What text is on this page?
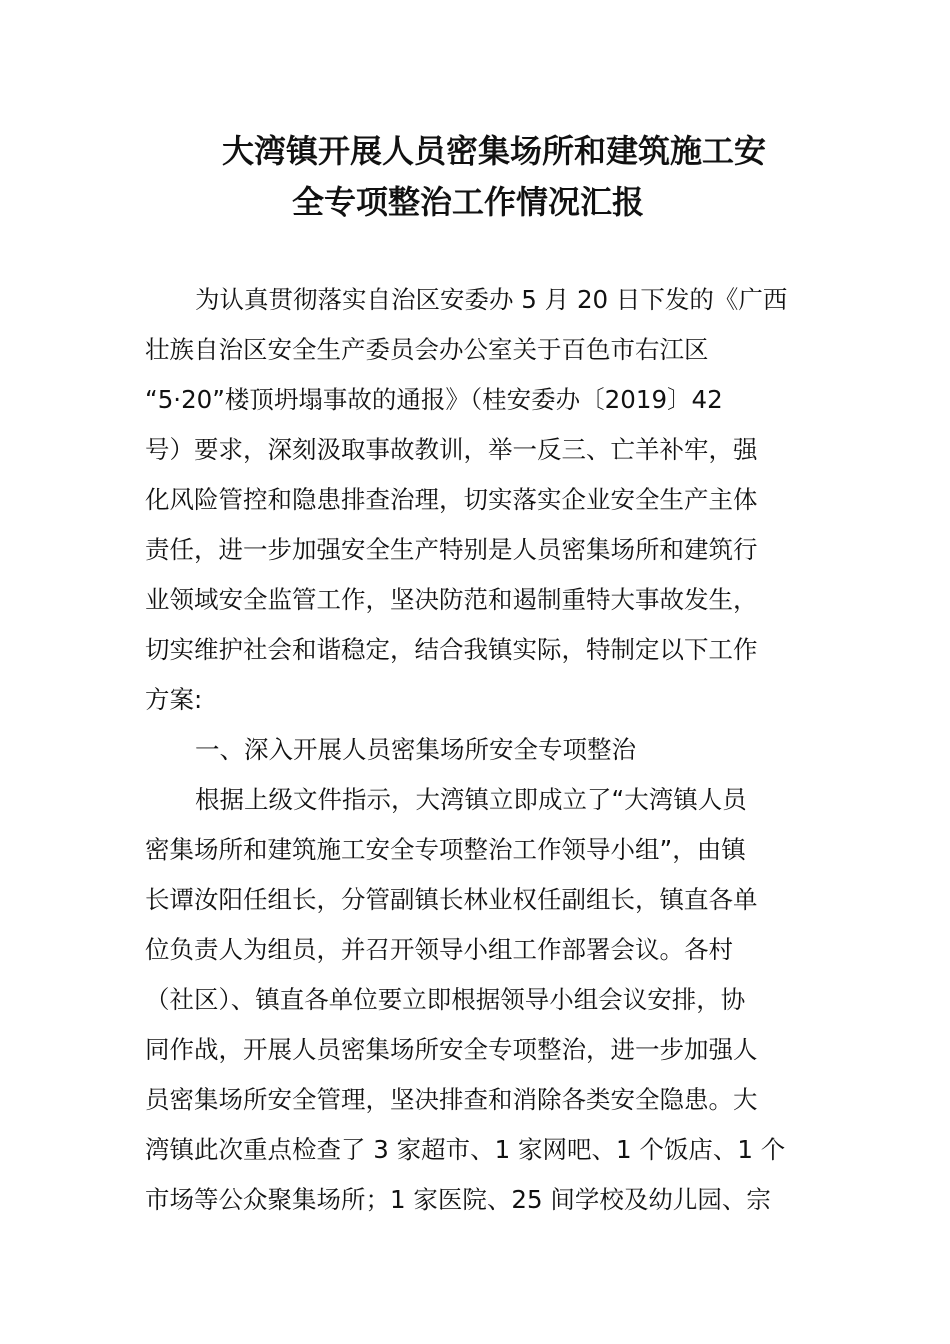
大湾镇开展人员密集场所和建筑施工安
全专项整治工作情况汇报
为认真贯彻落实自治区安委办 5 月 20 日下发的《广西
壮族自治区安全生产委员会办公室关于百色市右江区
“5·20”楼顶坍塌事故的通报》（桂安委办〔2019〕42
号）要求，深刻汲取事故教训，举一反三、亡羊补牢，强
化风险管控和隐患排查治理，切实落实企业安全生产主体
责任，进一步加强安全生产特别是人员密集场所和建筑行
业领域安全监管工作，坚决防范和遏制重特大事故发生，
切实维护社会和谐稳定，结合我镇实际，特制定以下工作
方案:
一、深入开展人员密集场所安全专项整治
根据上级文件指示，大湾镇立即成立了“大湾镇人员
密集场所和建筑施工安全专项整治工作领导小组”，由镇
长谭汝阳任组长，分管副镇长林业权任副组长，镇直各单
位负责人为组员，并召开领导小组工作部署会议。各村
（社区）、镇直各单位要立即根据领导小组会议安排，协
同作战，开展人员密集场所安全专项整治，进一步加强人
员密集场所安全管理，坚决排查和消除各类安全隐患。大
湾镇此次重点检查了 3 家超市、1 家网吧、1 个饭店、1 个
市场等公众聚集场所；1 家医院、25 间学校及幼儿园、宗
